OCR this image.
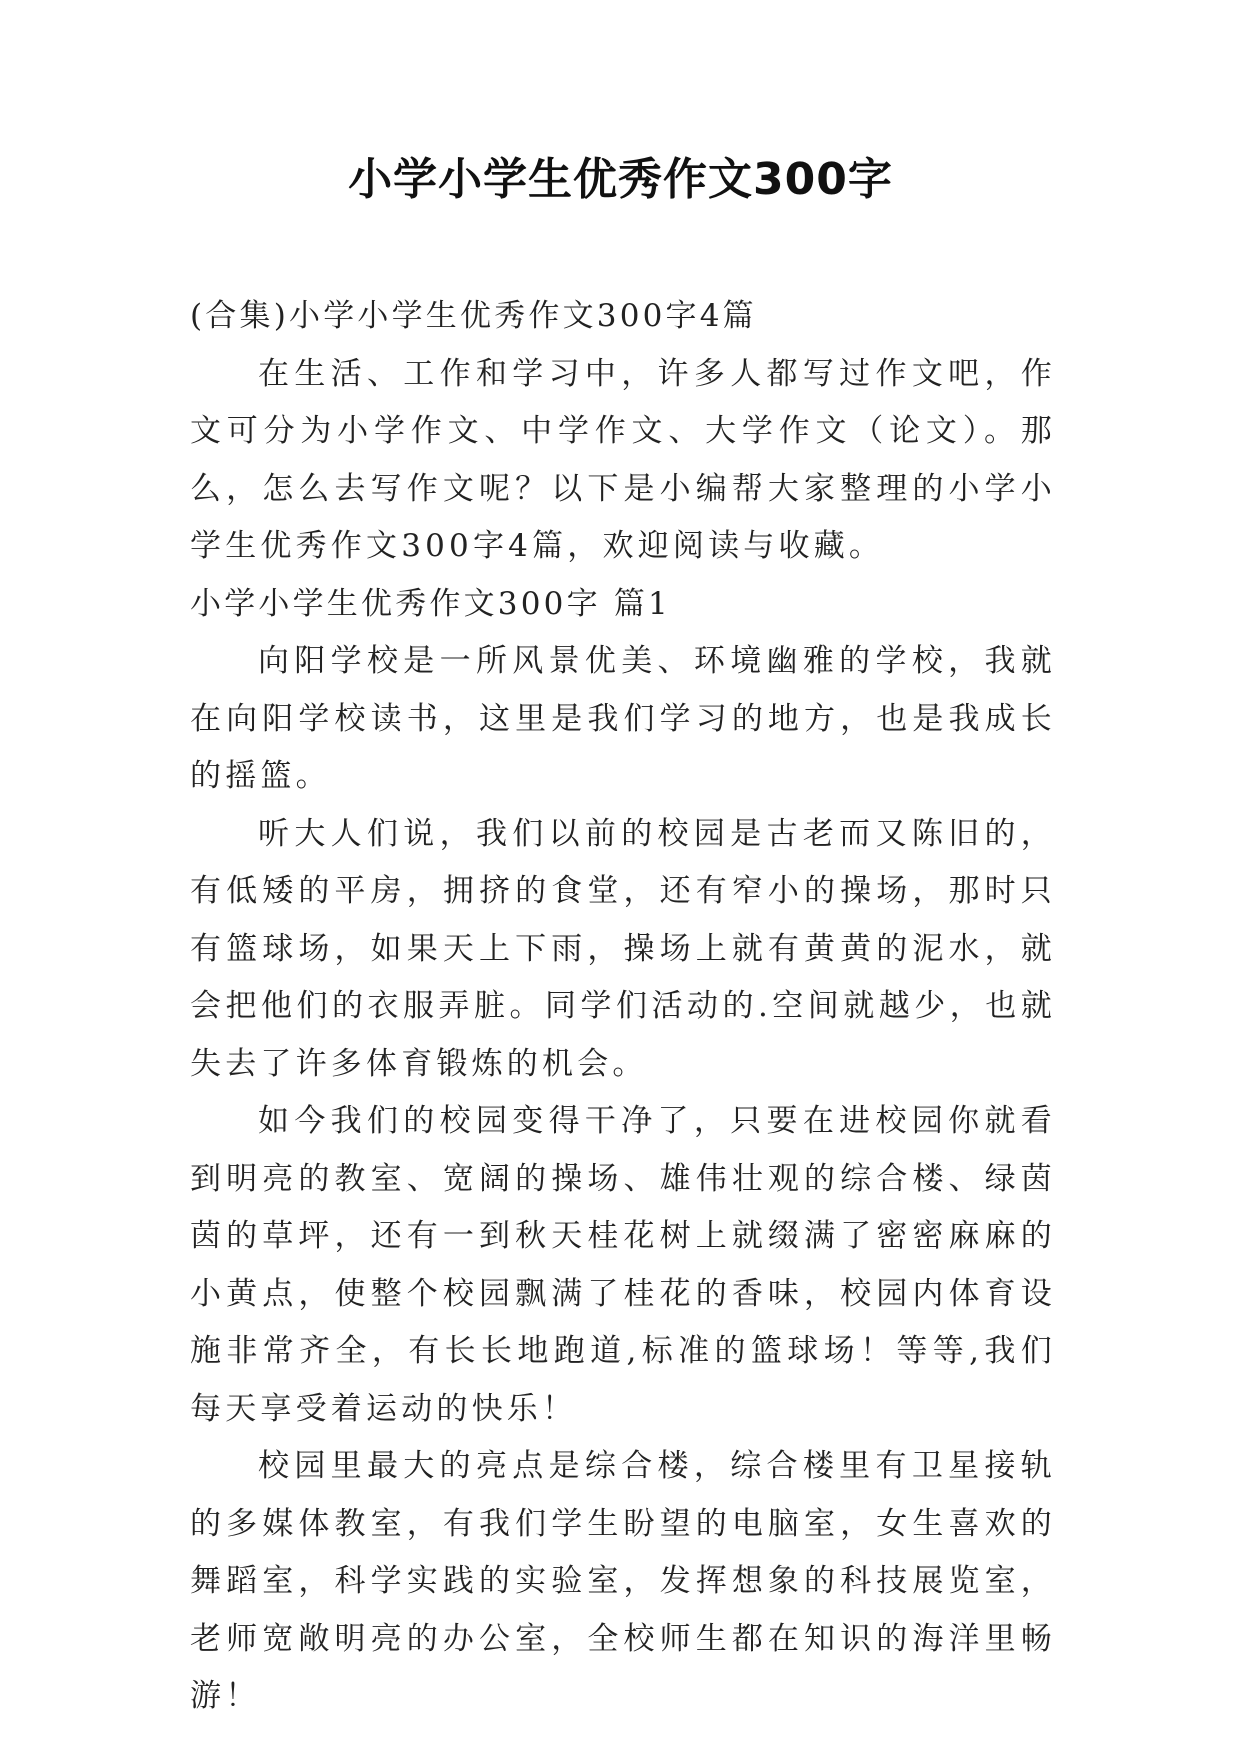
小学小学生优秀作文300字

(合集)小学小学生优秀作文300字4篇

在生活、工作和学习中，许多人都写过作文吧，作文可分为小学作文、中学作文、大学作文（论文）。那么，怎么去写作文呢？以下是小编帮大家整理的小学小学生优秀作文300字4篇，欢迎阅读与收藏。

小学小学生优秀作文300字 篇1

向阳学校是一所风景优美、环境幽雅的学校，我就在向阳学校读书，这里是我们学习的地方，也是我成长的摇篮。

听大人们说，我们以前的校园是古老而又陈旧的，有低矮的平房，拥挤的食堂，还有窄小的操场，那时只有篮球场，如果天上下雨，操场上就有黄黄的泥水，就会把他们的衣服弄脏。同学们活动的.空间就越少，也就失去了许多体育锻炼的机会。

如今我们的校园变得干净了，只要在进校园你就看到明亮的教室、宽阔的操场、雄伟壮观的综合楼、绿茵茵的草坪，还有一到秋天桂花树上就缀满了密密麻麻的小黄点，使整个校园飘满了桂花的香味，校园内体育设施非常齐全，有长长地跑道,标准的篮球场！等等,我们每天享受着运动的快乐！

校园里最大的亮点是综合楼，综合楼里有卫星接轨的多媒体教室，有我们学生盼望的电脑室，女生喜欢的舞蹈室，科学实践的实验室，发挥想象的科技展览室，老师宽敞明亮的办公室，全校师生都在知识的海洋里畅游！
